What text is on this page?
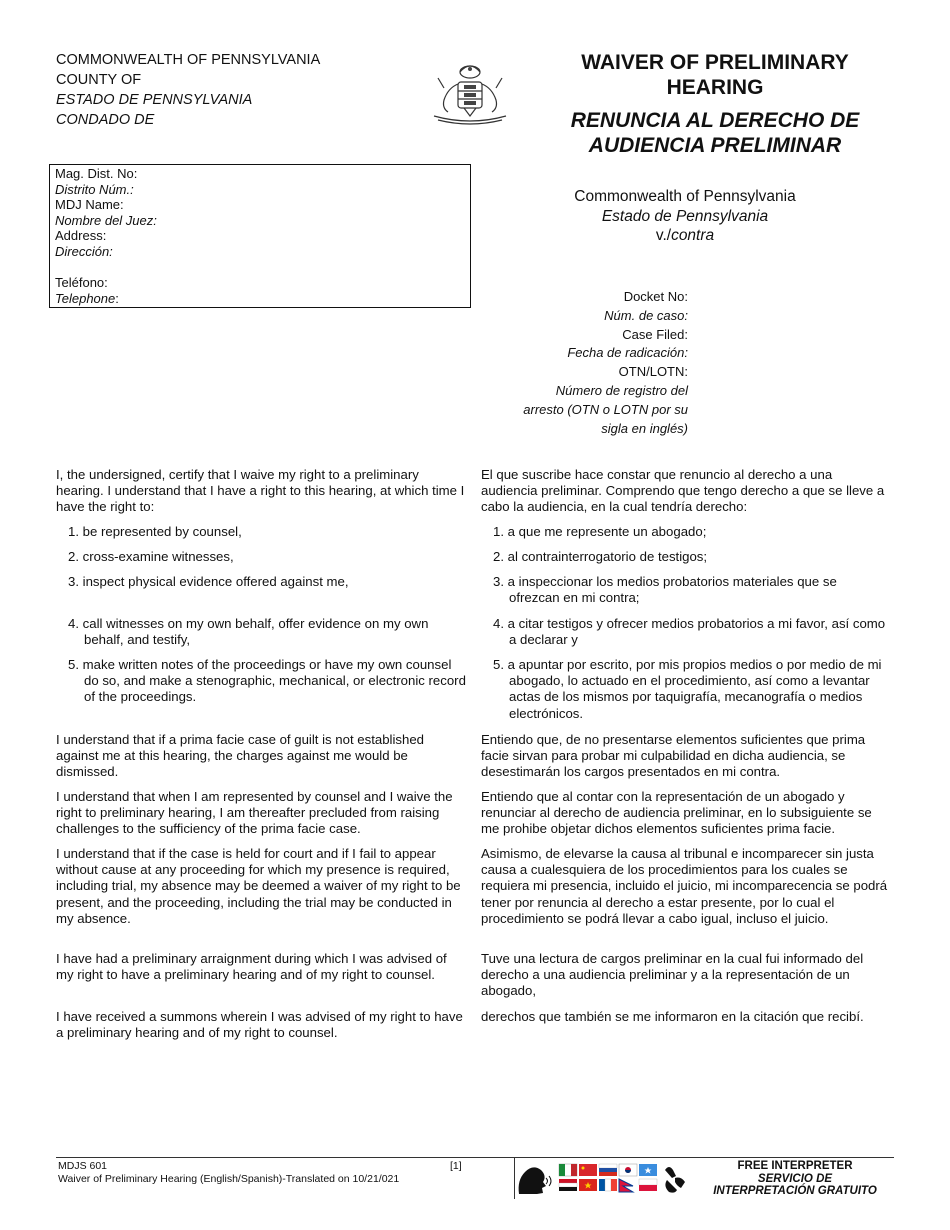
COMMONWEALTH OF PENNSYLVANIA
COUNTY OF
ESTADO DE PENNSYLVANIA
CONDADO DE
WAIVER OF PRELIMINARY HEARING
RENUNCIA AL DERECHO DE AUDIENCIA PRELIMINAR
Mag. Dist. No:
Distrito Núm.:
MDJ Name:
Nombre del Juez:
Address:
Dirección:
Teléfono:
Telephone:
Commonwealth of Pennsylvania
Estado de Pennsylvania
v./contra
Docket No:
Núm. de caso:
Case Filed:
Fecha de radicación:
OTN/LOTN:
Número de registro del
arresto (OTN o LOTN por su
sigla en inglés)

I, the undersigned, certify that I waive my right to a preliminary hearing. I understand that I have a right to this hearing, at which time I have the right to:

1. be represented by counsel,

2. cross-examine witnesses,

3. inspect physical evidence offered against me,

4. call witnesses on my own behalf, offer evidence on my own behalf, and testify,

5. make written notes of the proceedings or have my own counsel do so, and make a stenographic, mechanical, or electronic record of the proceedings.

I understand that if a prima facie case of guilt is not established against me at this hearing, the charges against me would be dismissed.

I understand that when I am represented by counsel and I waive the right to preliminary hearing, I am thereafter precluded from raising challenges to the sufficiency of the prima facie case.

I understand that if the case is held for court and if I fail to appear without cause at any proceeding for which my presence is required, including trial, my absence may be deemed a waiver of my right to be present, and the proceeding, including the trial may be conducted in my absence.

I have had a preliminary arraignment during which I was advised of my right to have a preliminary hearing and of my right to counsel.

I have received a summons wherein I was advised of my right to have a preliminary hearing and of my right to counsel.

El que suscribe hace constar que renuncio al derecho a una audiencia preliminar. Comprendo que tengo derecho a que se lleve a cabo la audiencia, en la cual tendría derecho:

1. a que me represente un abogado;

2. al contrainterrogatorio de testigos;

3. a inspeccionar los medios probatorios materiales que se ofrezcan en mi contra;

4. a citar testigos y ofrecer medios probatorios a mi favor, así como a declarar y

5. a apuntar por escrito, por mis propios medios o por medio de mi abogado, lo actuado en el procedimiento, así como a levantar actas de los mismos por taquigrafía, mecanografía o medios electrónicos.

Entiendo que, de no presentarse elementos suficientes que prima facie sirvan para probar mi culpabilidad en dicha audiencia, se desestimarán los cargos presentados en mi contra.

Entiendo que al contar con la representación de un abogado y renunciar al derecho de audiencia preliminar, en lo subsiguiente se me prohibe objetar dichos elementos suficientes prima facie.

Asimismo, de elevarse la causa al tribunal e incomparecer sin justa causa a cualesquiera de los procedimientos para los cuales se requiera mi presencia, incluido el juicio, mi incomparecencia se podrá tener por renuncia al derecho a estar presente, por lo cual el procedimiento se podrá llevar a cabo igual, incluso el juicio.

Tuve una lectura de cargos preliminar en la cual fui informado del derecho a una audiencia preliminar y a la representación de un abogado,

derechos que también se me informaron en la citación que recibí.

MDJS 601
Waiver of Preliminary Hearing (English/Spanish)-Translated on 10/21/021
[1]	FREE INTERPRETER
SERVICIO DE
INTERPRETACIÓN GRATUITO
